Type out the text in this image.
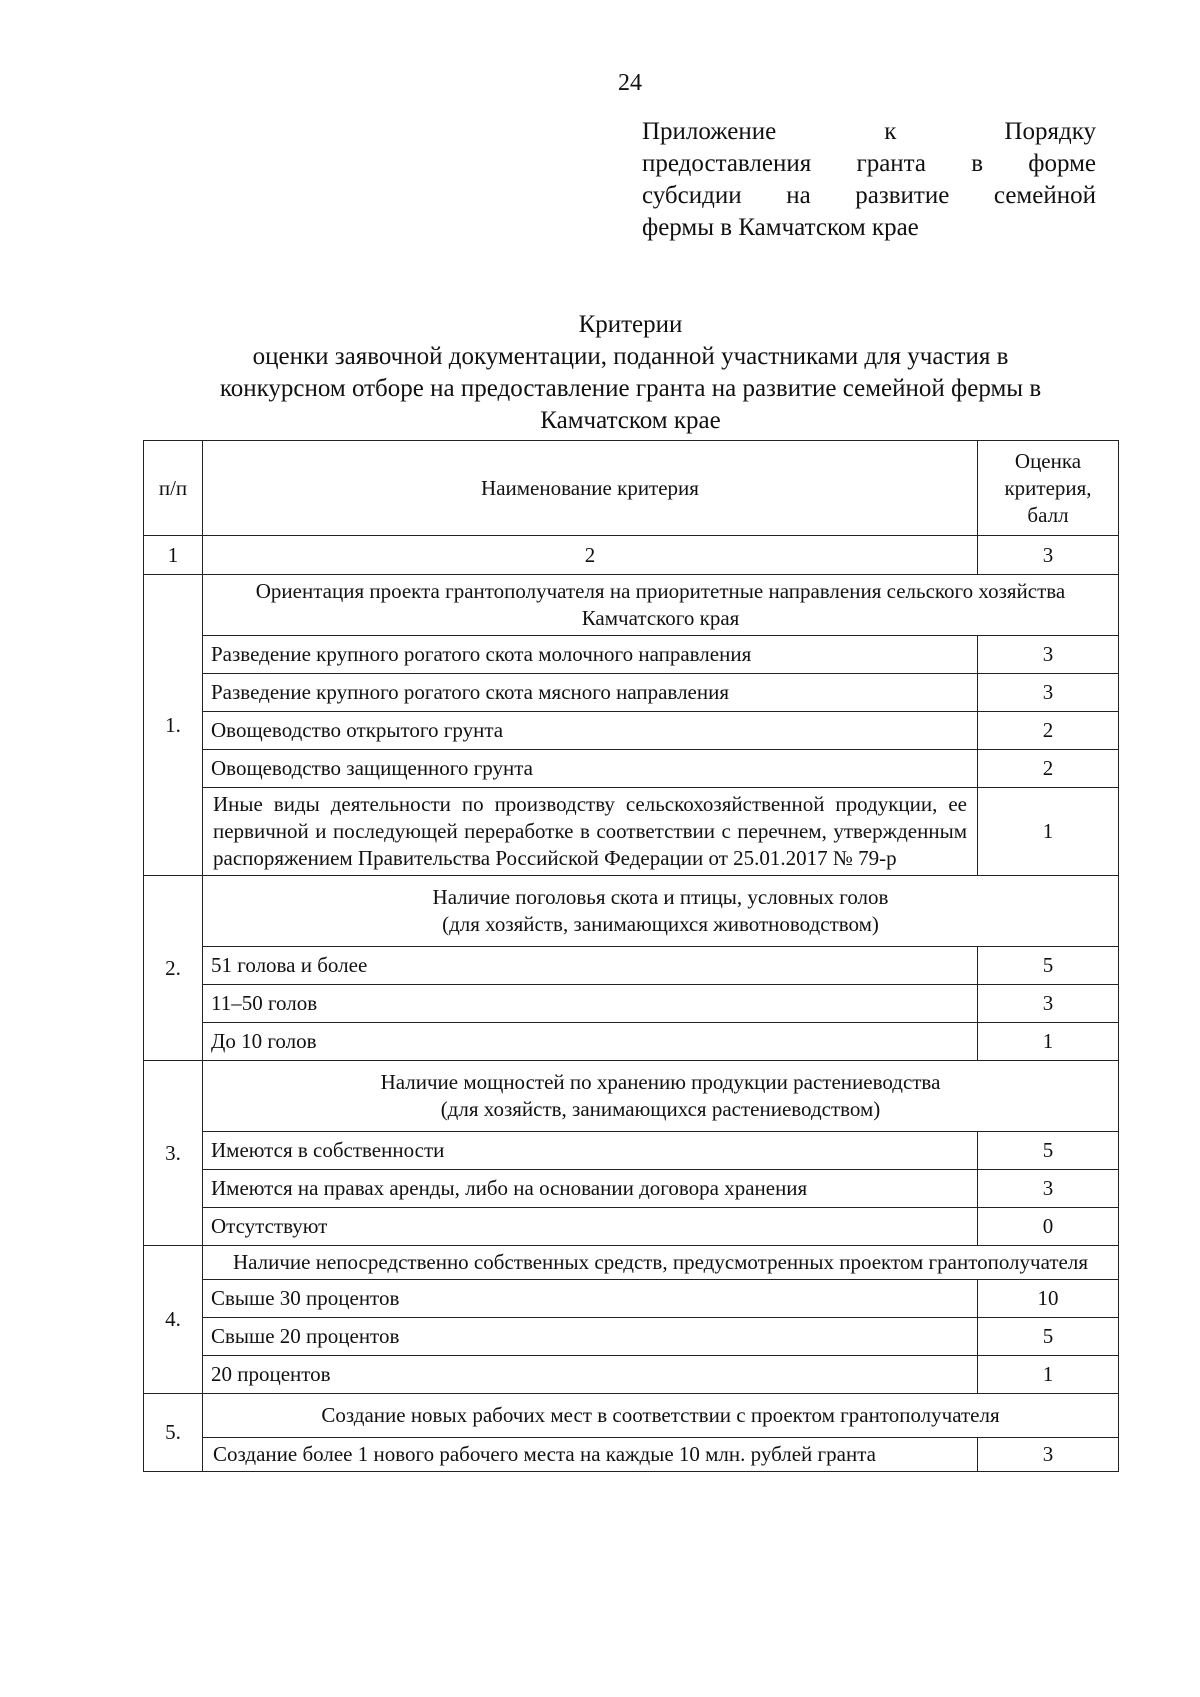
24
Приложение к Порядку
предоставления гранта в форме
субсидии на развитие семейной
фермы в Камчатском крае
Критерии
оценки заявочной документации, поданной участниками для участия в
конкурсном отборе на предоставление гранта на развитие семейной фермы в
Камчатском крае
п/п	Наименование критерия	Оценка критерия, балл
1	2	3
1.	Ориентация проекта грантополучателя на приоритетные направления сельского хозяйства Камчатского края	
	Разведение крупного рогатого скота молочного направления	3
	Разведение крупного рогатого скота мясного направления	3
	Овощеводство открытого грунта	2
	Овощеводство защищенного грунта	2
	Иные виды деятельности по производству сельскохозяйственной продукции, ее первичной и последующей переработке в соответствии с перечнем, утвержденным распоряжением Правительства Российской Федерации от 25.01.2017 № 79-р	1
2.	Наличие поголовья скота и птицы, условных голов
(для хозяйств, занимающихся животноводством)	

	51 голова и более	5
	11–50 голов	3
	До 10 голов	1
3.	Наличие мощностей по хранению продукции растениеводства
(для хозяйств, занимающихся растениеводством)	

	Имеются в собственности	5
	Имеются на правах аренды, либо на основании договора хранения	3
	Отсутствуют	0
4.	Наличие непосредственно собственных средств, предусмотренных проектом грантополучателя	
	Свыше 30 процентов	10
	Свыше 20 процентов	5
	20 процентов	1
5.	Создание новых рабочих мест в соответствии с проектом грантополучателя	
	Создание более 1 нового рабочего места на каждые 10 млн. рублей гранта	3
